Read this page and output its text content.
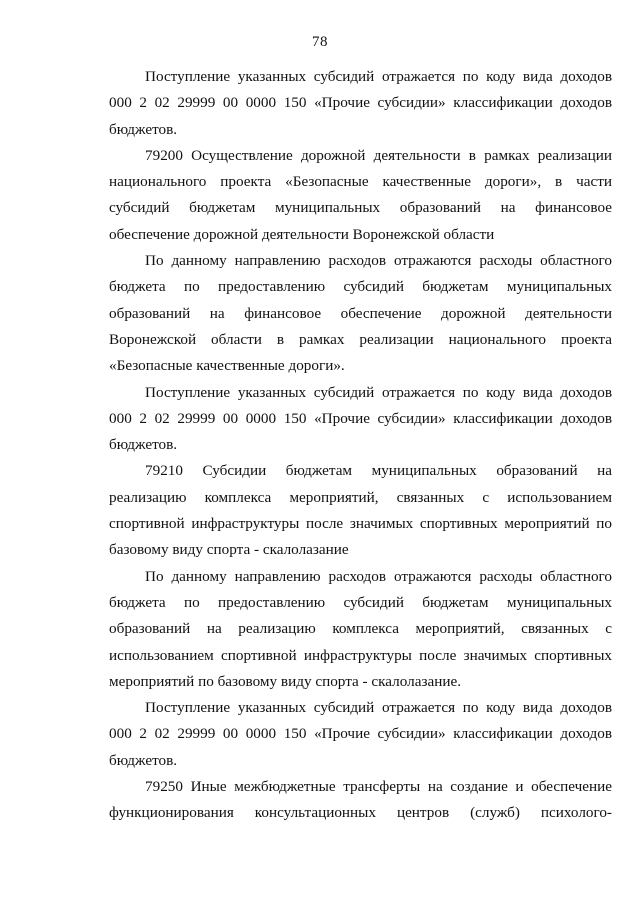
78
Поступление указанных субсидий отражается по коду вида доходов
000 2 02 29999 00 0000 150 «Прочие субсидии» классификации доходов
бюджетов.
79200 Осуществление дорожной деятельности в рамках реализации
национального проекта «Безопасные качественные дороги», в части
субсидий бюджетам муниципальных образований на финансовое
обеспечение дорожной деятельности Воронежской области
По данному направлению расходов отражаются расходы областного
бюджета по предоставлению субсидий бюджетам муниципальных
образований на финансовое обеспечение дорожной деятельности
Воронежской области в рамках реализации национального проекта
«Безопасные качественные дороги».
Поступление указанных субсидий отражается по коду вида доходов
000 2 02 29999 00 0000 150 «Прочие субсидии» классификации доходов
бюджетов.
79210 Субсидии бюджетам муниципальных образований на
реализацию комплекса мероприятий, связанных с использованием
спортивной инфраструктуры после значимых спортивных мероприятий по
базовому виду спорта - скалолазание
По данному направлению расходов отражаются расходы областного
бюджета по предоставлению субсидий бюджетам муниципальных
образований на реализацию комплекса мероприятий, связанных с
использованием спортивной инфраструктуры после значимых спортивных
мероприятий по базовому виду спорта - скалолазание.
Поступление указанных субсидий отражается по коду вида доходов
000 2 02 29999 00 0000 150 «Прочие субсидии» классификации доходов
бюджетов.
79250 Иные межбюджетные трансферты на создание и обеспечение
функционирования консультационных центров (служб) психолого-
